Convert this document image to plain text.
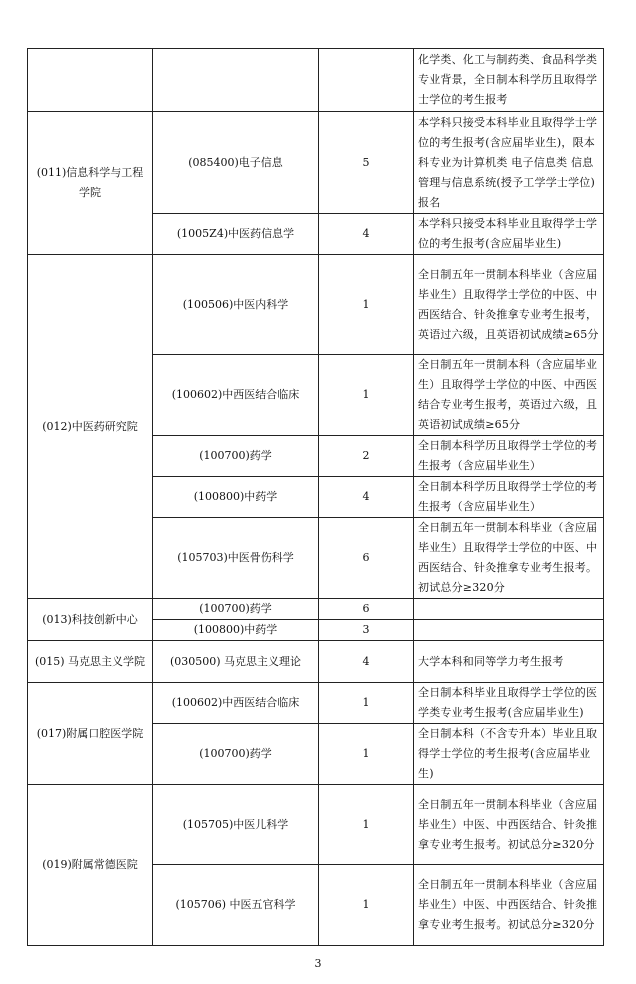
			化学类、化工与制药类、食品科学类专业背景，全日制本科学历且取得学士学位的考生报考
(011)信息科学与工程学院	(085400)电子信息	5	本学科只接受本科毕业且取得学士学位的考生报考(含应届毕业生)，限本科专业为计算机类 电子信息类 信息管理与信息系统(授予工学学士学位)报名
	(1005Z4)中医药信息学	4	本学科只接受本科毕业且取得学士学位的考生报考(含应届毕业生)
(012)中医药研究院	(100506)中医内科学	1	全日制五年一贯制本科毕业（含应届毕业生）且取得学士学位的中医、中西医结合、针灸推拿专业考生报考，英语过六级，且英语初试成绩≥65分
	(100602)中西医结合临床	1	全日制五年一贯制本科（含应届毕业生）且取得学士学位的中医、中西医结合专业考生报考，英语过六级，且英语初试成绩≥65分
	(100700)药学	2	全日制本科学历且取得学士学位的考生报考（含应届毕业生）
	(100800)中药学	4	全日制本科学历且取得学士学位的考生报考（含应届毕业生）
	(105703)中医骨伤科学	6	全日制五年一贯制本科毕业（含应届毕业生）且取得学士学位的中医、中西医结合、针灸推拿专业考生报考。初试总分≥320分
(013)科技创新中心	(100700)药学	6	
	(100800)中药学	3	
(015) 马克思主义学院	(030500) 马克思主义理论	4	大学本科和同等学力考生报考
(017)附属口腔医学院	(100602)中西医结合临床	1	全日制本科毕业且取得学士学位的医学类专业考生报考(含应届毕业生)
	(100700)药学	1	全日制本科（不含专升本）毕业且取得学士学位的考生报考(含应届毕业生)
(019)附属常德医院	(105705)中医儿科学	1	全日制五年一贯制本科毕业（含应届毕业生）中医、中西医结合、针灸推拿专业考生报考。初试总分≥320分
	(105706) 中医五官科学	1	全日制五年一贯制本科毕业（含应届毕业生）中医、中西医结合、针灸推拿专业考生报考。初试总分≥320分
3
